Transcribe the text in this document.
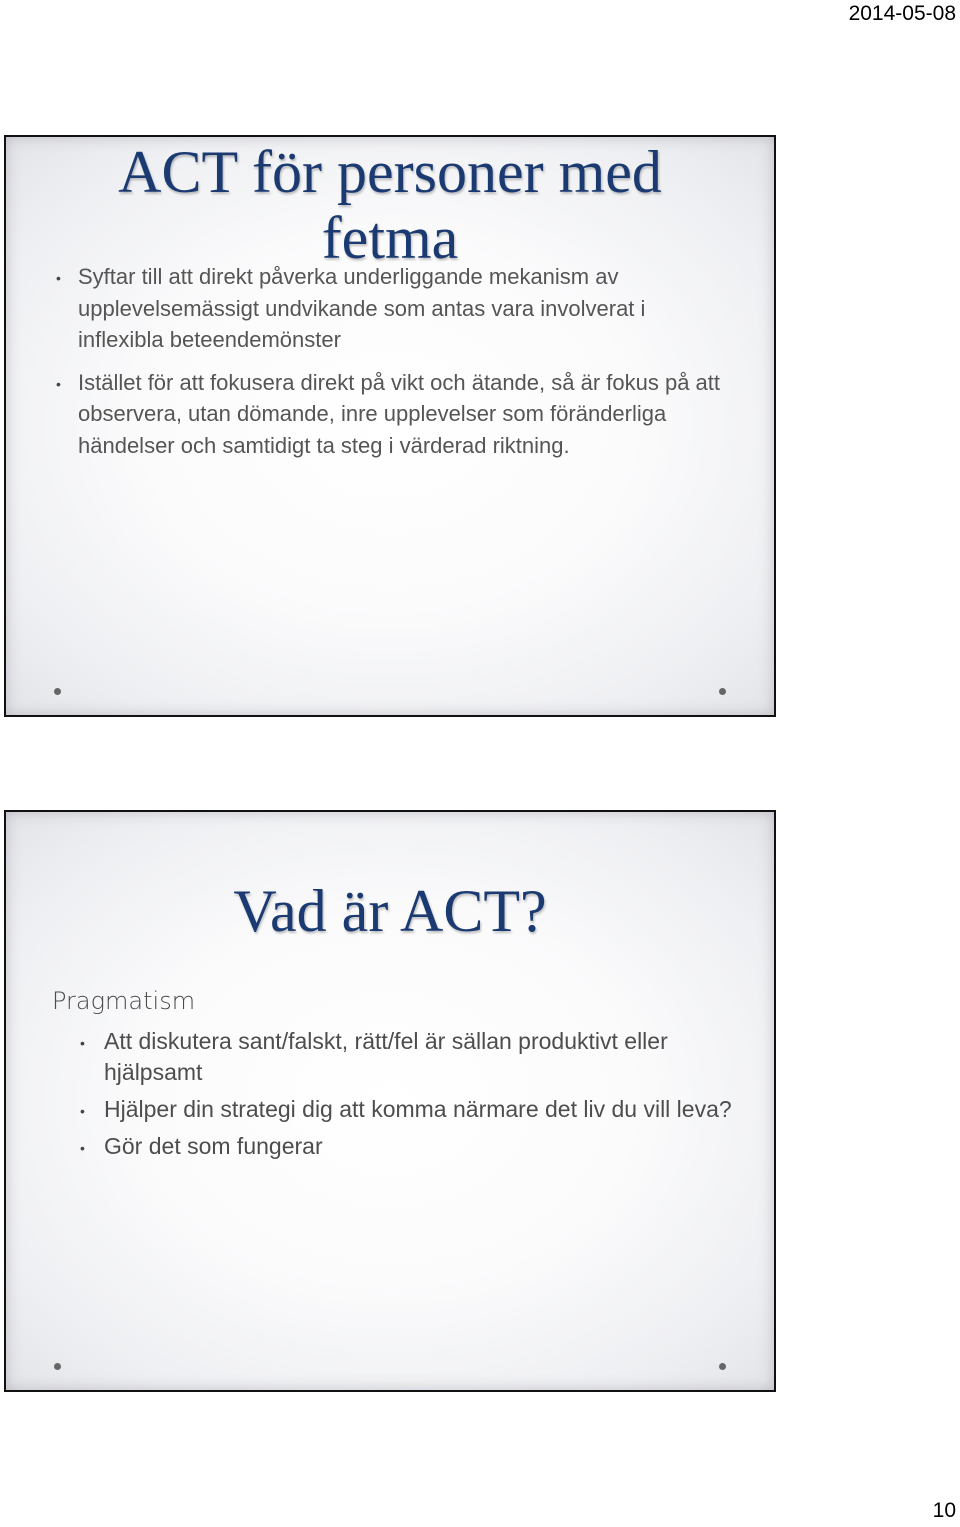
2014-05-08
ACT för personer med fetma
• Syftar till att direkt påverka underliggande mekanism av upplevelsemässigt undvikande som antas vara involverat i inflexibla beteendemönster
• Istället för att fokusera direkt på vikt och ätande, så är fokus på att observera, utan dömande, inre upplevelser som föränderliga händelser och samtidigt ta steg i värderad riktning.
Vad är ACT?
Pragmatism
• Att diskutera sant/falskt, rätt/fel är sällan produktivt eller hjälpsamt
• Hjälper din strategi dig att komma närmare det liv du vill leva?
• Gör det som fungerar
10
